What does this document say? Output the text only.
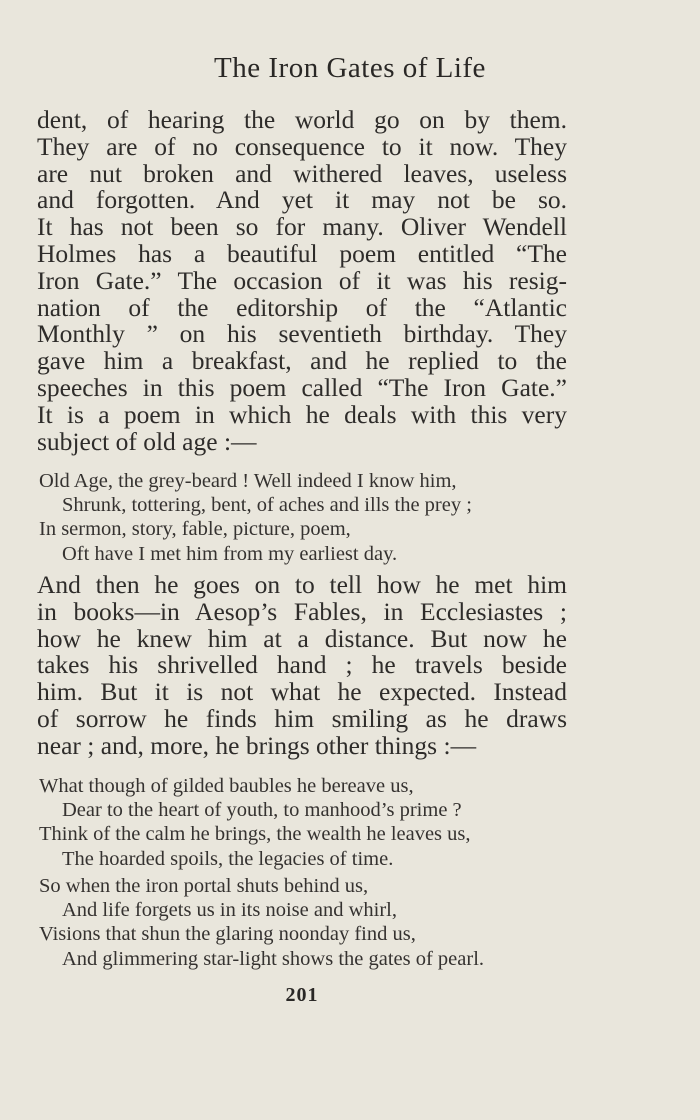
The Iron Gates of Life
dent, of hearing the world go on by them.
They are of no consequence to it now. They
are nut broken and withered leaves, useless
and forgotten. And yet it may not be so.
It has not been so for many. Oliver Wendell
Holmes has a beautiful poem entitled “The
Iron Gate.” The occasion of it was his resig-
nation of the editorship of the “Atlantic
Monthly ” on his seventieth birthday. They
gave him a breakfast, and he replied to the
speeches in this poem called “The Iron Gate.”
It is a poem in which he deals with this very
subject of old age :—
Old Age, the grey-beard ! Well indeed I know him,
Shrunk, tottering, bent, of aches and ills the prey ;
In sermon, story, fable, picture, poem,
Oft have I met him from my earliest day.
And then he goes on to tell how he met him
in books—in Aesop’s Fables, in Ecclesiastes ;
how he knew him at a distance. But now he
takes his shrivelled hand ; he travels beside
him. But it is not what he expected. Instead
of sorrow he finds him smiling as he draws
near ; and, more, he brings other things :—
What though of gilded baubles he bereave us,
Dear to the heart of youth, to manhood’s prime ?
Think of the calm he brings, the wealth he leaves us,
The hoarded spoils, the legacies of time.
So when the iron portal shuts behind us,
And life forgets us in its noise and whirl,
Visions that shun the glaring noonday find us,
And glimmering star-light shows the gates of pearl.
201
